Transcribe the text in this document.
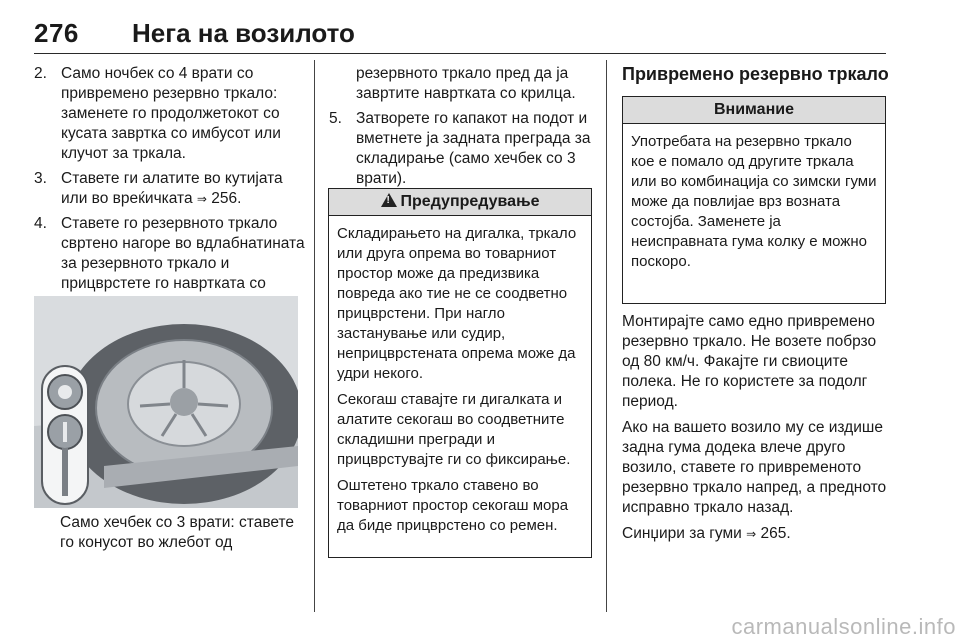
276 Нега на возилото
2. Само ночбек со 4 врати со привремено резервно тркало: заменете го продолжетокот со кусата завртка со имбусот или клучот за тркала.
3. Ставете ги алатите во кутијата или во вреќичката ⇒ 256.
4. Ставете го резервното тркало свртено нагоре во вдлабнатината за резервното тркало и прицврстете го навртката со
Само хечбек со 3 врати: ставете го конусот во жлебот од
резервното тркало пред да ја завртите навртката со крилца.
5. Затворете го капакот на подот и вметнете ја задната преграда за складирање (само хечбек со 3 врати).
!Предупредување

Складирањето на дигалка, тркало или друга опрема во товарниот простор може да предизвика повреда ако тие не се соодветно прицврстени. При нагло застанување или судир, неприцврстената опрема може да удри некого.

Секогаш ставајте ги дигалката и алатите секогаш во соодветните складишни прегради и прицврстувајте ги со фиксирање.

Оштетено тркало ставено во товарниот простор секогаш мора да биде прицврстено со ремен.

Привремено резервно тркало
Внимание

Употребата на резервно тркало кое е помало од другите тркала или во комбинација со зимски гуми може да повлијае врз возната состојба. Заменете ја неисправната гума колку е можно поскоро.

Монтирајте само едно привремено резервно тркало. Не возете побрзо од 80 км/ч. Факајте ги свиоците полека. Не го користете за подолг период.

Ако на вашето возило му се издише задна гума додека влече друго возило, ставете го привременото резервно тркало напред, а предното исправно тркало назад.

Синџири за гуми ⇒ 265.

carmanualsonline.info
